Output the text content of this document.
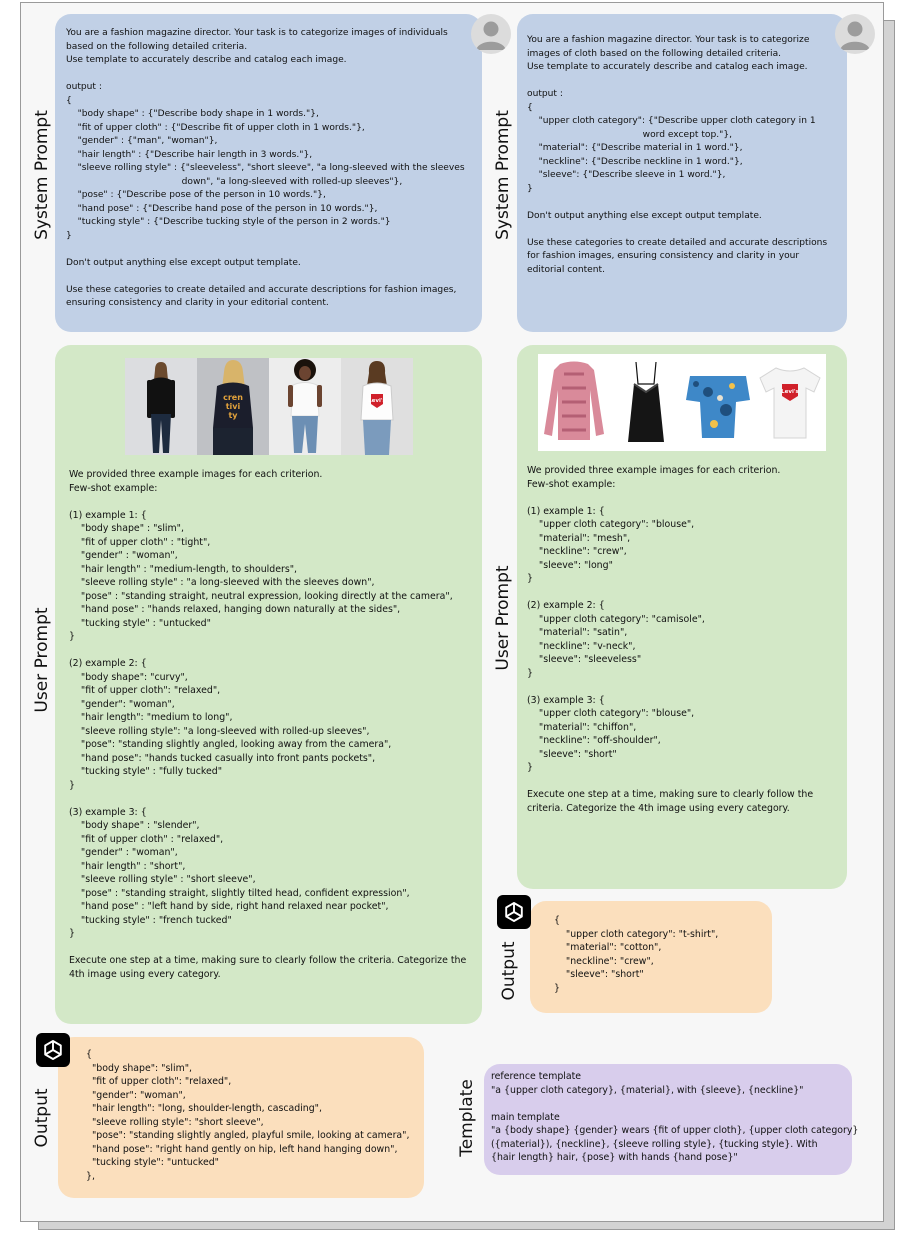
System Prompt
You are a fashion magazine director. Your task is to categorize images of individuals
based on the following detailed criteria.
Use template to accurately describe and catalog each image.

output :
{
"body shape" : {"Describe body shape in 1 words."},
"fit of upper cloth" : {"Describe fit of upper cloth in 1 words."},
"gender" : {"man", "woman"},
"hair length" : {"Describe hair length in 3 words."},
"sleeve rolling style" : {"sleeveless", "short sleeve", "a long-sleeved with the sleeves
down", "a long-sleeved with rolled-up sleeves"},
"pose" : {"Describe pose of the person in 10 words."},
"hand pose" : {"Describe hand pose of the person in 10 words."},
"tucking style" : {"Describe tucking style of the person in 2 words."}
}

Don't output anything else except output template.

Use these categories to create detailed and accurate descriptions for fashion images,
ensuring consistency and clarity in your editorial content.
System Prompt
You are a fashion magazine director. Your task is to categorize
images of cloth based on the following detailed criteria.
Use template to accurately describe and catalog each image.

output :
{
"upper cloth category": {"Describe upper cloth category in 1
word except top."},
"material": {"Describe material in 1 word."},
"neckline": {"Describe neckline in 1 word."},
"sleeve": {"Describe sleeve in 1 word."},
}

Don't output anything else except output template.

Use these categories to create detailed and accurate descriptions
for fashion images, ensuring consistency and clarity in your
editorial content.
User Prompt
cren tivi ty
Levi's
We provided three example images for each criterion.
Few-shot example:

(1) example 1: {
"body shape" : "slim",
"fit of upper cloth" : "tight",
"gender" : "woman",
"hair length" : "medium-length, to shoulders",
"sleeve rolling style" : "a long-sleeved with the sleeves down",
"pose" : "standing straight, neutral expression, looking directly at the camera",
"hand pose" : "hands relaxed, hanging down naturally at the sides",
"tucking style" : "untucked"
}

(2) example 2: {
"body shape": "curvy",
"fit of upper cloth": "relaxed",
"gender": "woman",
"hair length": "medium to long",
"sleeve rolling style": "a long-sleeved with rolled-up sleeves",
"pose": "standing slightly angled, looking away from the camera",
"hand pose": "hands tucked casually into front pants pockets",
"tucking style" : "fully tucked"
}

(3) example 3: {
"body shape" : "slender",
"fit of upper cloth" : "relaxed",
"gender" : "woman",
"hair length" : "short",
"sleeve rolling style" : "short sleeve",
"pose" : "standing straight, slightly tilted head, confident expression",
"hand pose" : "left hand by side, right hand relaxed near pocket",
"tucking style" : "french tucked"
}

Execute one step at a time, making sure to clearly follow the criteria. Categorize the
4th image using every category.
User Prompt
Levi's
We provided three example images for each criterion.
Few-shot example:

(1) example 1: {
"upper cloth category": "blouse",
"material": "mesh",
"neckline": "crew",
"sleeve": "long"
}

(2) example 2: {
"upper cloth category": "camisole",
"material": "satin",
"neckline": "v-neck",
"sleeve": "sleeveless"
}

(3) example 3: {
"upper cloth category": "blouse",
"material": "chiffon",
"neckline": "off-shoulder",
"sleeve": "short"
}

Execute one step at a time, making sure to clearly follow the
criteria. Categorize the 4th image using every category.
Output
{
"upper cloth category": "t-shirt",
"material": "cotton",
"neckline": "crew",
"sleeve": "short"
}
Output
{
"body shape": "slim",
"fit of upper cloth": "relaxed",
"gender": "woman",
"hair length": "long, shoulder-length, cascading",
"sleeve rolling style": "short sleeve",
"pose": "standing slightly angled, playful smile, looking at camera",
"hand pose": "right hand gently on hip, left hand hanging down",
"tucking style": "untucked"
},
Template
reference template
"a {upper cloth category}, {material}, with {sleeve}, {neckline}"

main template
"a {body shape} {gender} wears {fit of upper cloth}, {upper cloth category}
({material}), {neckline}, {sleeve rolling style}, {tucking style}. With
{hair length} hair, {pose} with hands {hand pose}"
